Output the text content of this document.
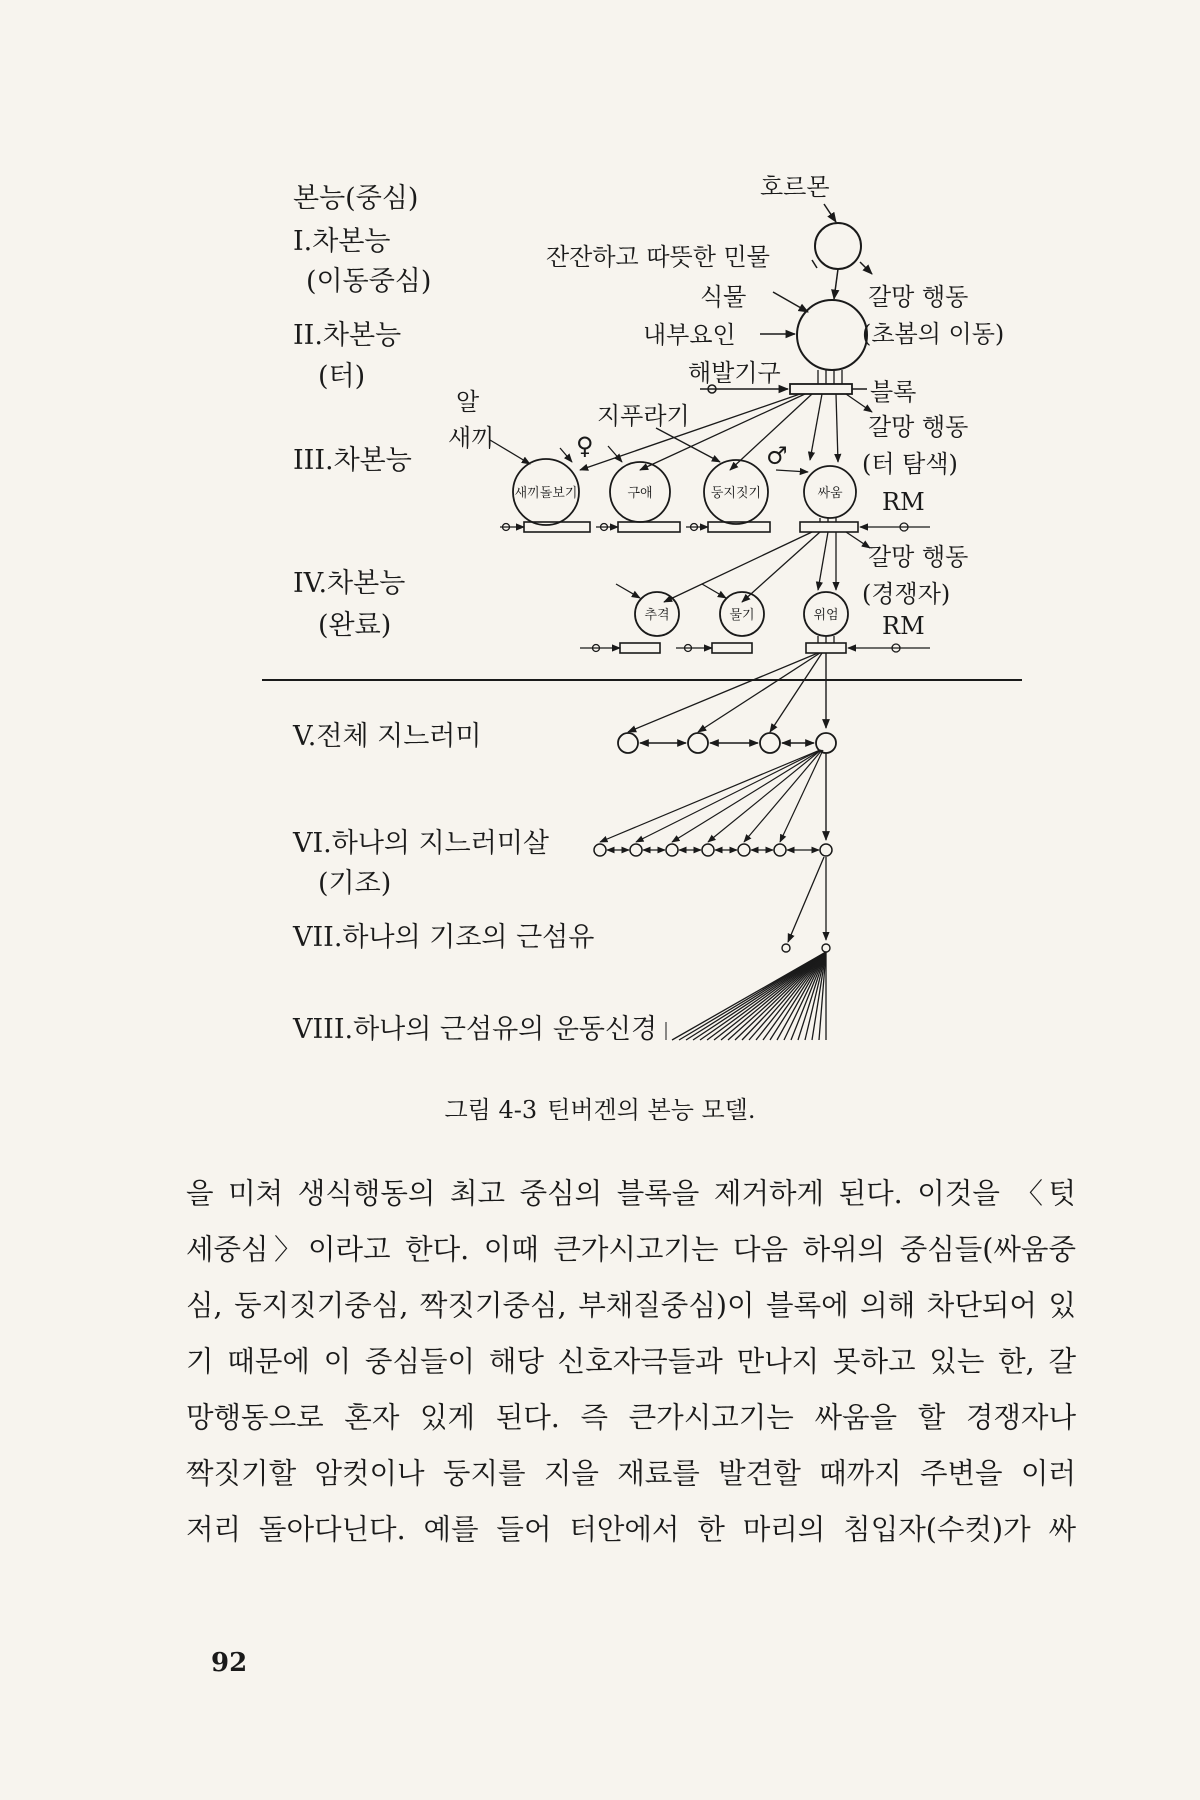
본능(중심)
I.차본능
(이동중심)
II.차본능
(터)
III.차본능
IV.차본능
(완료)
V.전체 지느러미
VI.하나의 지느러미살
(기조)
VII.하나의 기조의 근섬유
VIII.하나의 근섬유의 운동신경
호르몬
잔잔하고 따뜻한 민물
식물
내부요인
해발기구
블록
갈망 행동
(초봄의 이동)
알
새끼
지푸라기
♀	♂
갈망 행동
(터 탐색)
RM
갈망 행동
(경쟁자)
RM
새끼돌보기	구애	둥지짓기	싸움
추격	물기	위엄
그림 4-3 틴버겐의 본능 모델.

을 미쳐 생식행동의 최고 중심의 블록을 제거하게 된다. 이것을 〈텃

세중심〉이라고 한다. 이때 큰가시고기는 다음 하위의 중심들(싸움중

심, 둥지짓기중심, 짝짓기중심, 부채질중심)이 블록에 의해 차단되어 있

기 때문에 이 중심들이 해당 신호자극들과 만나지 못하고 있는 한, 갈

망행동으로 혼자 있게 된다. 즉 큰가시고기는 싸움을 할 경쟁자나

짝짓기할 암컷이나 둥지를 지을 재료를 발견할 때까지 주변을 이러

저리 돌아다닌다. 예를 들어 터안에서 한 마리의 침입자(수컷)가 싸

92
